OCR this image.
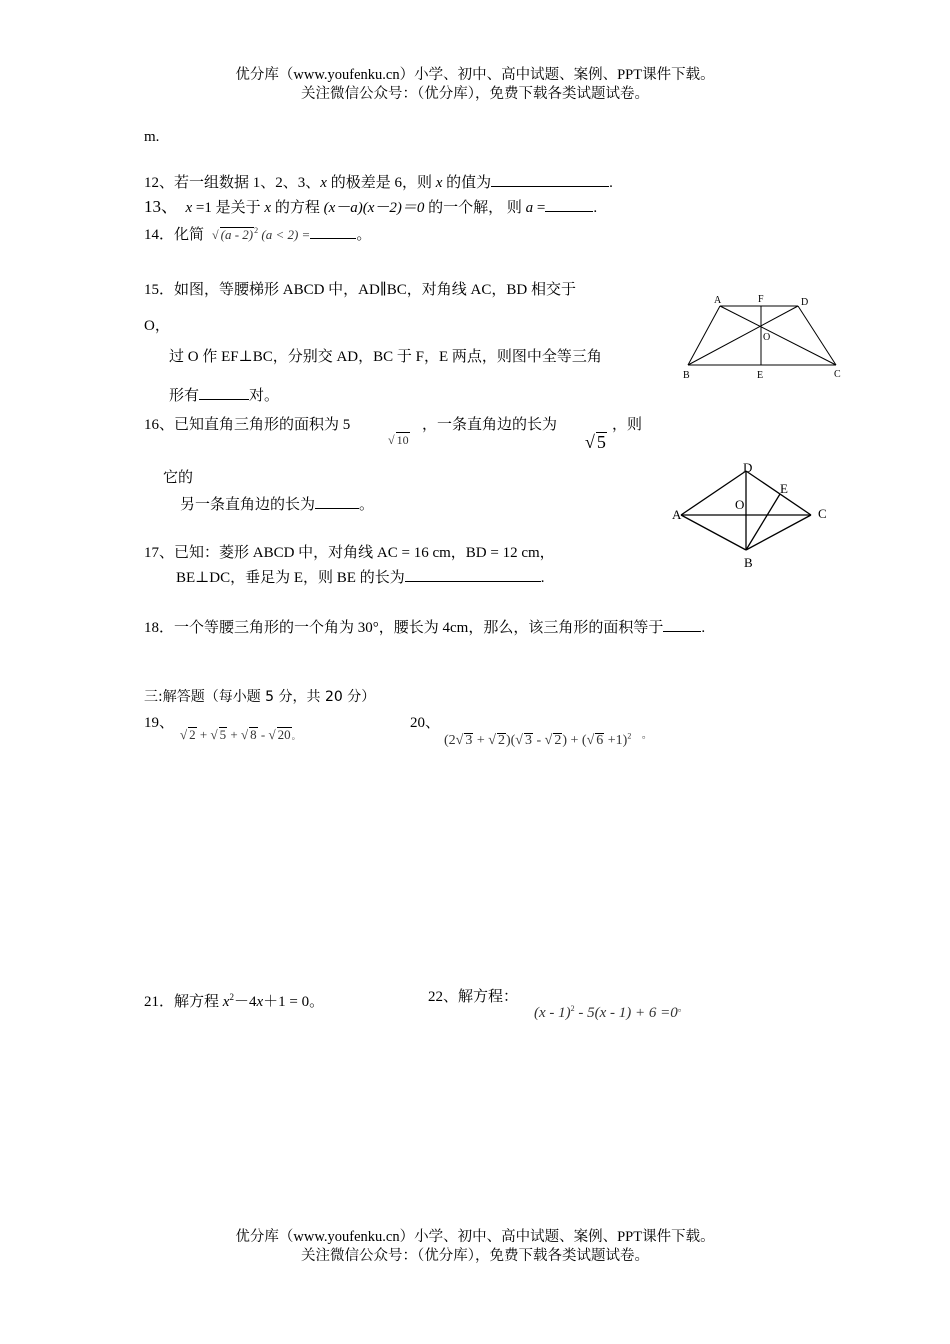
优分库（www.youfenku.cn）小学、初中、高中试题、案例、PPT课件下载。
关注微信公众号：（优分库），免费下载各类试题试卷。
m.
12、若一组数据 1、2、3、x 的极差是 6，则 x 的值为	.
13、 x =1 是关于 x 的方程 (x－a)(x－2)＝0 的一个解， 则 a =	.
14．化简 √ (a - 2)$^2$ (a < 2) =	。
15．如图，等腰梯形 ABCD 中，AD∥BC，对角线 AC，BD 相交于
O，
过 O 作 EF⊥BC，分别交 AD，BC 于 F，E 两点，则图中全等三角
形有	对。
A	F	D
O
B	E	C
16、已知直角三角形的面积为 5
√ 10
，一条直角边的长为
√ 5
，则
它的
另一条直角边的长为	。
D
E
A
O
C
B
17、已知：菱形 ABCD 中，对角线 AC = 16 cm，BD = 12 cm，
BE⊥DC，垂足为 E，则 BE 的长为	.
18．一个等腰三角形的一个角为 30°，腰长为 4cm，那么，该三角形的面积等于	.
三:解答题（每小题 5 分，共 20 分）
19、
√ 2 + √ 5 + √ 8 - √ 20。
20、
(2√ 3 + √ 2)(√ 3 - √ 2) + (√ 6 +1)$^2$ 。
21．解方程 $x^2-4x+1 = 0$。	22、解方程：
(x - 1)$^2$ - 5(x - 1) + 6 =0。
优分库（www.youfenku.cn）小学、初中、高中试题、案例、PPT课件下载。
关注微信公众号：（优分库），免费下载各类试题试卷。
